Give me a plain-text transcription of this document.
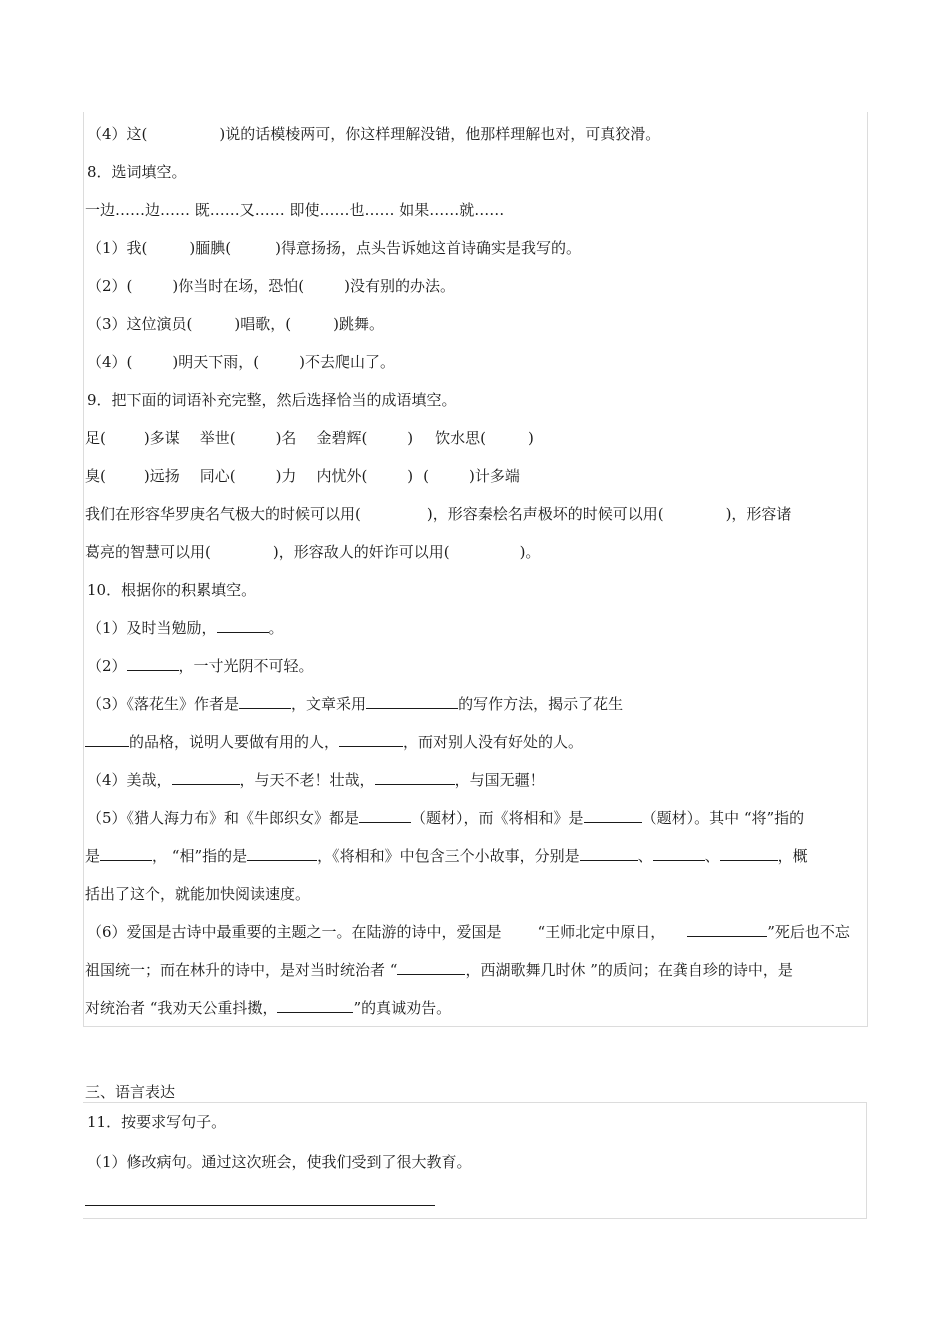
（4）这(	)说的话模棱两可，你这样理解没错，他那样理解也对，可真狡滑。
8．选词填空。
一边……边…… 既……又…… 即使……也…… 如果……就……
（1）我(	)腼腆(	)得意扬扬，点头告诉她这首诗确实是我写的。
（2）(	)你当时在场，恐怕(	)没有别的办法。
（3）这位演员(	)唱歌，(	)跳舞。
（4）(	)明天下雨，(	)不去爬山了。
9．把下面的词语补充完整，然后选择恰当的成语填空。
足(	)多谋 举世(	)名 金碧辉(	) 饮水思(	)
臭(	)远扬 同心(	)力 内忧外(	) (	)计多端
我们在形容华罗庚名气极大的时候可以用(	)，形容秦桧名声极坏的时候可以用(	)，形容诸
葛亮的智慧可以用(	)，形容敌人的奸诈可以用(	)。
10．根据你的积累填空。
（1）及时当勉励，	。
（2）	，一寸光阴不可轻。
（3）《落花生》作者是	，文章采用	的写作方法，揭示了花生
的品格，说明人要做有用的人，	，而对别人没有好处的人。
（4）美哉，	，与天不老！壮哉，	，与国无疆！
（5）《猎人海力布》和《牛郎织女》都是	（题材），而《将相和》是	（题材）。其中 “将”指的
是	， “相”指的是	，《将相和》中包含三个小故事，分别是	、	、	，概
括出了这个，就能加快阅读速度。
（6）爱国是古诗中最重要的主题之一。在陆游的诗中，爱国是 “王师北定中原日，	”死后也不忘
祖国统一；而在林升的诗中，是对当时统治者 “	，西湖歌舞几时休 ”的质问；在龚自珍的诗中，是
对统治者 “我劝天公重抖擞，	”的真诚劝告。
三、语言表达
11．按要求写句子。
（1）修改病句。通过这次班会，使我们受到了很大教育。
